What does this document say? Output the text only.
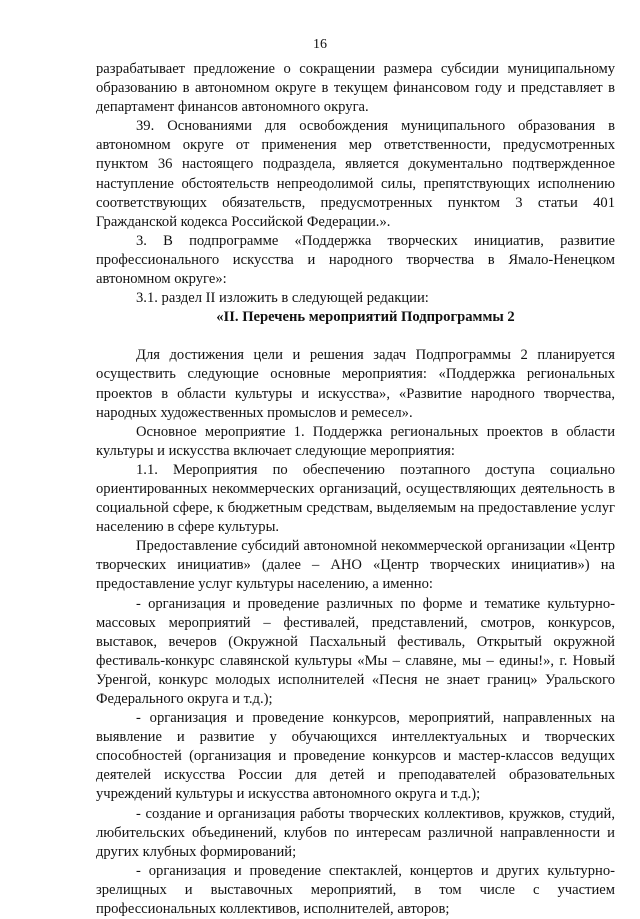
16

разрабатывает предложение о сокращении размера субсидии муниципальному образованию в автономном округе в текущем финансовом году и представляет в департамент финансов автономного округа.

39. Основаниями для освобождения муниципального образования в автономном округе от применения мер ответственности, предусмотренных пунктом 36 настоящего подраздела, является документально подтвержденное наступление обстоятельств непреодолимой силы, препятствующих исполнению соответствующих обязательств, предусмотренных пунктом 3 статьи 401 Гражданской кодекса Российской Федерации.».

3. В подпрограмме «Поддержка творческих инициатив, развитие профессионального искусства и народного творчества в Ямало-Ненецком автономном округе»:

3.1. раздел II изложить в следующей редакции:

«II. Перечень мероприятий Подпрограммы 2

Для достижения цели и решения задач Подпрограммы 2 планируется осуществить следующие основные мероприятия: «Поддержка региональных проектов в области культуры и искусства», «Развитие народного творчества, народных художественных промыслов и ремесел».

Основное мероприятие 1. Поддержка региональных проектов в области культуры и искусства включает следующие мероприятия:

1.1. Мероприятия по обеспечению поэтапного доступа социально ориентированных некоммерческих организаций, осуществляющих деятельность в социальной сфере, к бюджетным средствам, выделяемым на предоставление услуг населению в сфере культуры.

Предоставление субсидий автономной некоммерческой организации «Центр творческих инициатив» (далее – АНО «Центр творческих инициатив») на предоставление услуг культуры населению, а именно:

- организация и проведение различных по форме и тематике культурно-массовых мероприятий – фестивалей, представлений, смотров, конкурсов, выставок, вечеров (Окружной Пасхальный фестиваль, Открытый окружной фестиваль-конкурс славянской культуры «Мы – славяне, мы – едины!», г. Новый Уренгой, конкурс молодых исполнителей «Песня не знает границ» Уральского Федерального округа и т.д.);

- организация и проведение конкурсов, мероприятий, направленных на выявление и развитие у обучающихся интеллектуальных и творческих способностей (организация и проведение конкурсов и мастер-классов ведущих деятелей искусства России для детей и преподавателей образовательных учреждений культуры и искусства автономного округа и т.д.);

- создание и организация работы творческих коллективов, кружков, студий, любительских объединений, клубов по интересам различной направленности и других клубных формирований;

- организация и проведение спектаклей, концертов и других культурно-зрелищных и выставочных мероприятий, в том числе с участием профессиональных коллективов, исполнителей, авторов;
